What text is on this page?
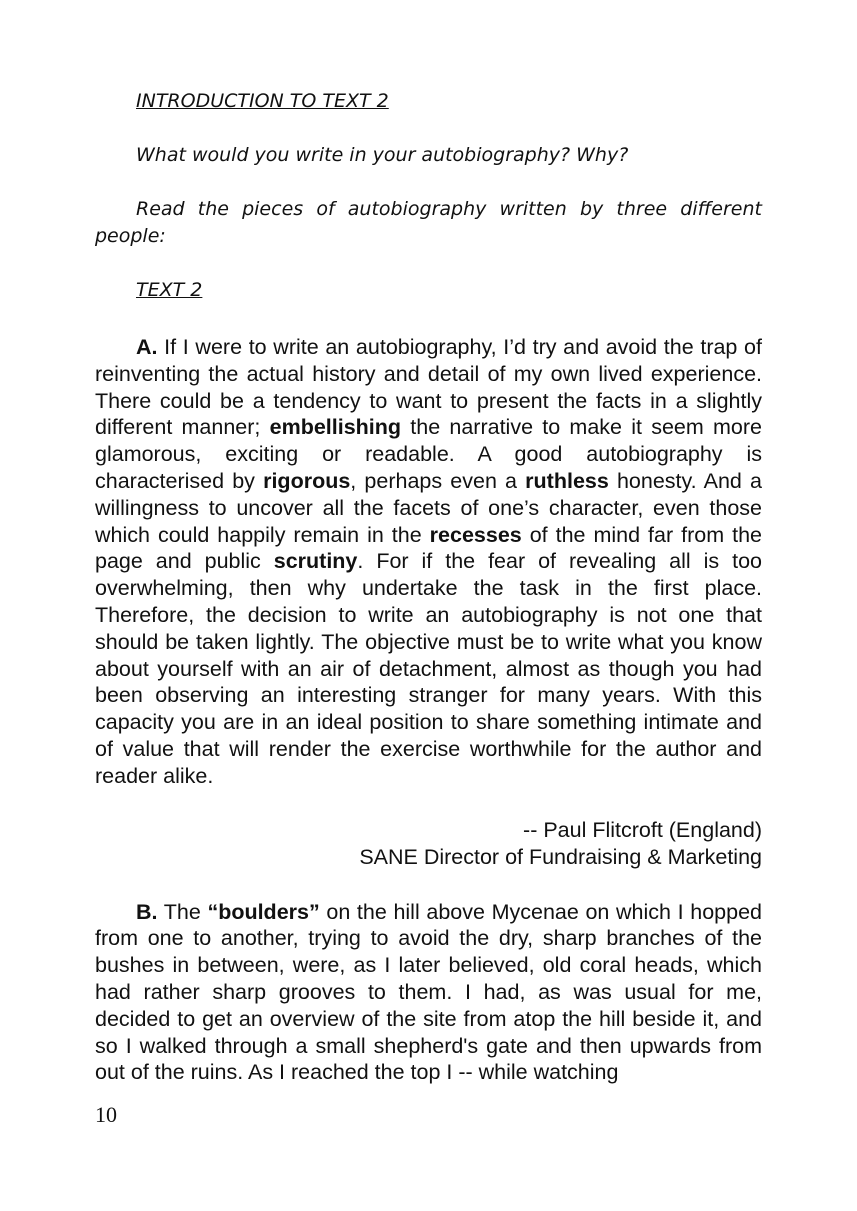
INTRODUCTION TO TEXT 2

What would you write in your autobiography? Why?

Read the pieces of autobiography written by three different people:

TEXT 2

A. If I were to write an autobiography, I’d try and avoid the trap of reinventing the actual history and detail of my own lived experience. There could be a tendency to want to present the facts in a slightly different manner; embellishing the narrative to make it seem more glamorous, exciting or readable. A good autobiography is characterised by rigorous, perhaps even a ruthless honesty. And a willingness to uncover all the facets of one’s character, even those which could happily remain in the recesses of the mind far from the page and public scrutiny. For if the fear of revealing all is too overwhelming, then why undertake the task in the first place. Therefore, the decision to write an autobiography is not one that should be taken lightly. The objective must be to write what you know about yourself with an air of detachment, almost as though you had been observing an interesting stranger for many years. With this capacity you are in an ideal position to share something intimate and of value that will render the exercise worthwhile for the author and reader alike.

-- Paul Flitcroft (England)

SANE Director of Fundraising & Marketing

B. The “boulders” on the hill above Mycenae on which I hopped from one to another, trying to avoid the dry, sharp branches of the bushes in between, were, as I later believed, old coral heads, which had rather sharp grooves to them. I had, as was usual for me, decided to get an overview of the site from atop the hill beside it, and so I walked through a small shepherd's gate and then upwards from out of the ruins. As I reached the top I -- while watching

10
